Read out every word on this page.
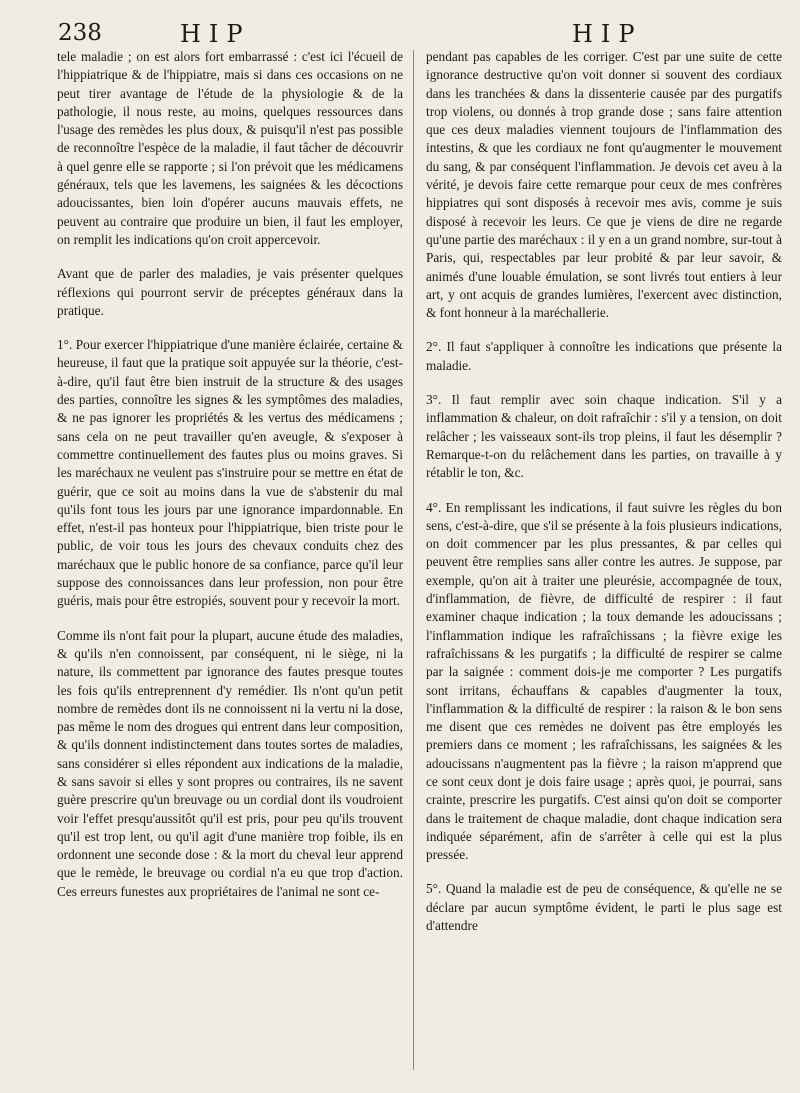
238	HIP	HIP

tele maladie ; on est alors fort embarrassé : c'est ici l'écueil de l'hippiatrique & de l'hippiatre, mais si dans ces occasions on ne peut tirer avantage de l'étude de la physiologie & de la pathologie, il nous reste, au moins, quelques ressources dans l'usage des remèdes les plus doux, & puisqu'il n'est pas possible de reconnoître l'espèce de la maladie, il faut tâcher de découvrir à quel genre elle se rapporte ; si l'on prévoit que les médicamens généraux, tels que les lavemens, les saignées & les décoctions adoucissantes, bien loin d'opérer aucuns mauvais effets, ne peuvent au contraire que produire un bien, il faut les employer, on remplit les indications qu'on croit appercevoir.

Avant que de parler des maladies, je vais présenter quelques réflexions qui pourront servir de préceptes généraux dans la pratique.

1°. Pour exercer l'hippiatrique d'une manière éclairée, certaine & heureuse, il faut que la pratique soit appuyée sur la théorie, c'est-à-dire, qu'il faut être bien instruit de la structure & des usages des parties, connoître les signes & les symptômes des maladies, & ne pas ignorer les propriétés & les vertus des médicamens ; sans cela on ne peut travailler qu'en aveugle, & s'exposer à commettre continuellement des fautes plus ou moins graves. Si les maréchaux ne veulent pas s'instruire pour se mettre en état de guérir, que ce soit au moins dans la vue de s'abstenir du mal qu'ils font tous les jours par une ignorance impardonnable. En effet, n'est-il pas honteux pour l'hippiatrique, bien triste pour le public, de voir tous les jours des chevaux conduits chez des maréchaux que le public honore de sa confiance, parce qu'il leur suppose des connoissances dans leur profession, non pour être guéris, mais pour être estropiés, souvent pour y recevoir la mort.

Comme ils n'ont fait pour la plupart, aucune étude des maladies, & qu'ils n'en connoissent, par conséquent, ni le siège, ni la nature, ils commettent par ignorance des fautes presque toutes les fois qu'ils entreprennent d'y remédier. Ils n'ont qu'un petit nombre de remèdes dont ils ne connoissent ni la vertu ni la dose, pas même le nom des drogues qui entrent dans leur composition, & qu'ils donnent indistinctement dans toutes sortes de maladies, sans considérer si elles répondent aux indications de la maladie, & sans savoir si elles y sont propres ou contraires, ils ne savent guère prescrire qu'un breuvage ou un cordial dont ils voudroient voir l'effet presqu'aussitôt qu'il est pris, pour peu qu'ils trouvent qu'il est trop lent, ou qu'il agit d'une manière trop foible, ils en ordonnent une seconde dose : & la mort du cheval leur apprend que le remède, le breuvage ou cordial n'a eu que trop d'action. Ces erreurs funestes aux propriétaires de l'animal ne sont ce-

pendant pas capables de les corriger. C'est par une suite de cette ignorance destructive qu'on voit donner si souvent des cordiaux dans les tranchées & dans la dissenterie causée par des purgatifs trop violens, ou donnés à trop grande dose ; sans faire attention que ces deux maladies viennent toujours de l'inflammation des intestins, & que les cordiaux ne font qu'augmenter le mouvement du sang, & par conséquent l'inflammation. Je devois cet aveu à la vérité, je devois faire cette remarque pour ceux de mes confrères hippiatres qui sont disposés à recevoir mes avis, comme je suis disposé à recevoir les leurs. Ce que je viens de dire ne regarde qu'une partie des maréchaux : il y en a un grand nombre, sur-tout à Paris, qui, respectables par leur probité & par leur savoir, & animés d'une louable émulation, se sont livrés tout entiers à leur art, y ont acquis de grandes lumières, l'exercent avec distinction, & font honneur à la maréchallerie.

2°. Il faut s'appliquer à connoître les indications que présente la maladie.

3°. Il faut remplir avec soin chaque indication. S'il y a inflammation & chaleur, on doit rafraîchir : s'il y a tension, on doit relâcher ; les vaisseaux sont-ils trop pleins, il faut les désemplir ? Remarque-t-on du relâchement dans les parties, on travaille à y rétablir le ton, &c.

4°. En remplissant les indications, il faut suivre les règles du bon sens, c'est-à-dire, que s'il se présente à la fois plusieurs indications, on doit commencer par les plus pressantes, & par celles qui peuvent être remplies sans aller contre les autres. Je suppose, par exemple, qu'on ait à traiter une pleurésie, accompagnée de toux, d'inflammation, de fièvre, de difficulté de respirer : il faut examiner chaque indication ; la toux demande les adoucissans ; l'inflammation indique les rafraîchissans ; la fièvre exige les rafraîchissans & les purgatifs ; la difficulté de respirer se calme par la saignée : comment dois-je me comporter ? Les purgatifs sont irritans, échauffans & capables d'augmenter la toux, l'inflammation & la difficulté de respirer : la raison & le bon sens me disent que ces remèdes ne doivent pas être employés les premiers dans ce moment ; les rafraîchissans, les saignées & les adoucissans n'augmentent pas la fièvre ; la raison m'apprend que ce sont ceux dont je dois faire usage ; après quoi, je pourrai, sans crainte, prescrire les purgatifs. C'est ainsi qu'on doit se comporter dans le traitement de chaque maladie, dont chaque indication sera indiquée séparément, afin de s'arrêter à celle qui est la plus pressée.

5°. Quand la maladie est de peu de conséquence, & qu'elle ne se déclare par aucun symptôme évident, le parti le plus sage est d'attendre
